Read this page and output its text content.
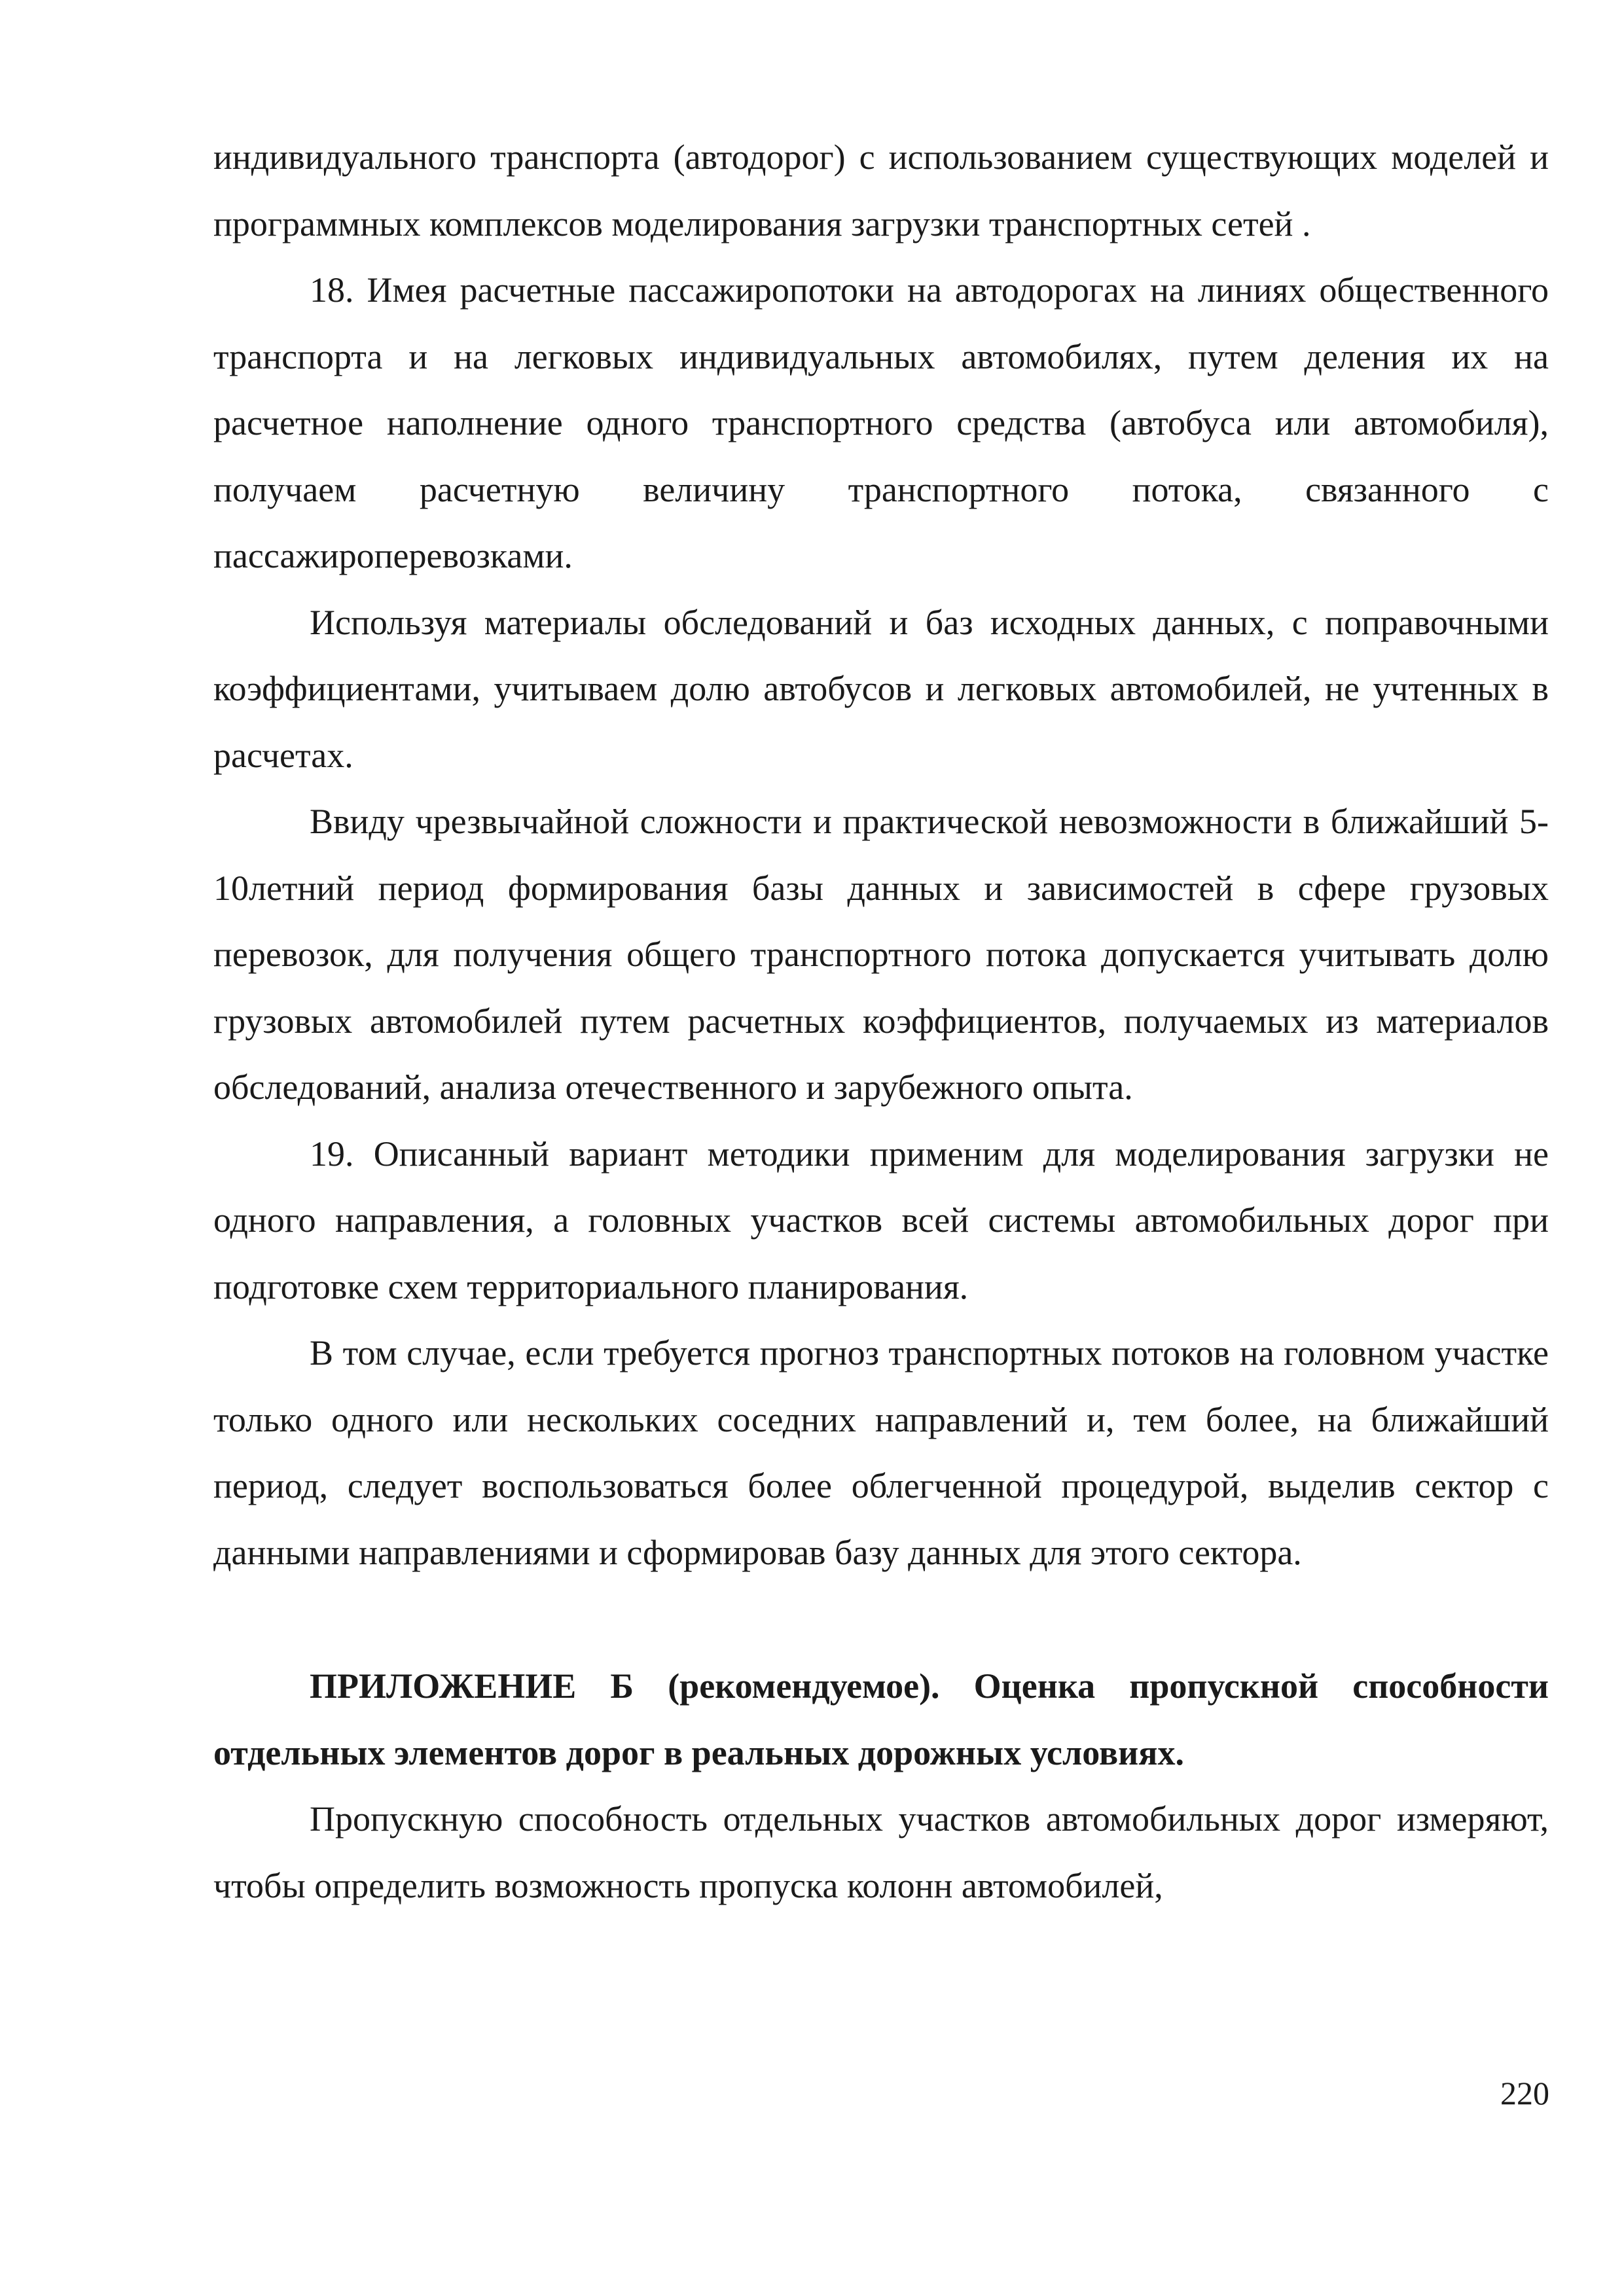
индивидуального транспорта (автодорог) с использованием существующих моделей и программных комплексов моделирования загрузки транспортных сетей .

18. Имея расчетные пассажиропотоки на автодорогах на линиях общественного транспорта и на легковых индивидуальных автомобилях, путем деления их на расчетное наполнение одного транспортного средства (автобуса или автомобиля), получаем расчетную величину транспортного потока, связанного с пассажироперевозками.

Используя материалы обследований и баз исходных данных, с поправочными коэффициентами, учитываем долю автобусов и легковых автомобилей, не учтенных в расчетах.

Ввиду чрезвычайной сложности и практической невозможности в ближайший 5-10летний период формирования базы данных и зависимостей в сфере грузовых перевозок, для получения общего транспортного потока допускается учитывать долю грузовых автомобилей путем расчетных коэффициентов, получаемых из материалов обследований, анализа отечественного и зарубежного опыта.

19. Описанный вариант методики применим для моделирования загрузки не одного направления, а головных участков всей системы автомобильных дорог при подготовке схем территориального планирования.

В том случае, если требуется прогноз транспортных потоков на головном участке только одного или нескольких соседних направлений и, тем более, на ближайший период, следует воспользоваться более облегченной процедурой, выделив сектор с данными направлениями и сформировав базу данных для этого сектора.

ПРИЛОЖЕНИЕ Б (рекомендуемое). Оценка пропускной способности отдельных элементов дорог в реальных дорожных условиях.

Пропускную способность отдельных участков автомобильных дорог измеряют, чтобы определить возможность пропуска колонн автомобилей,

220
